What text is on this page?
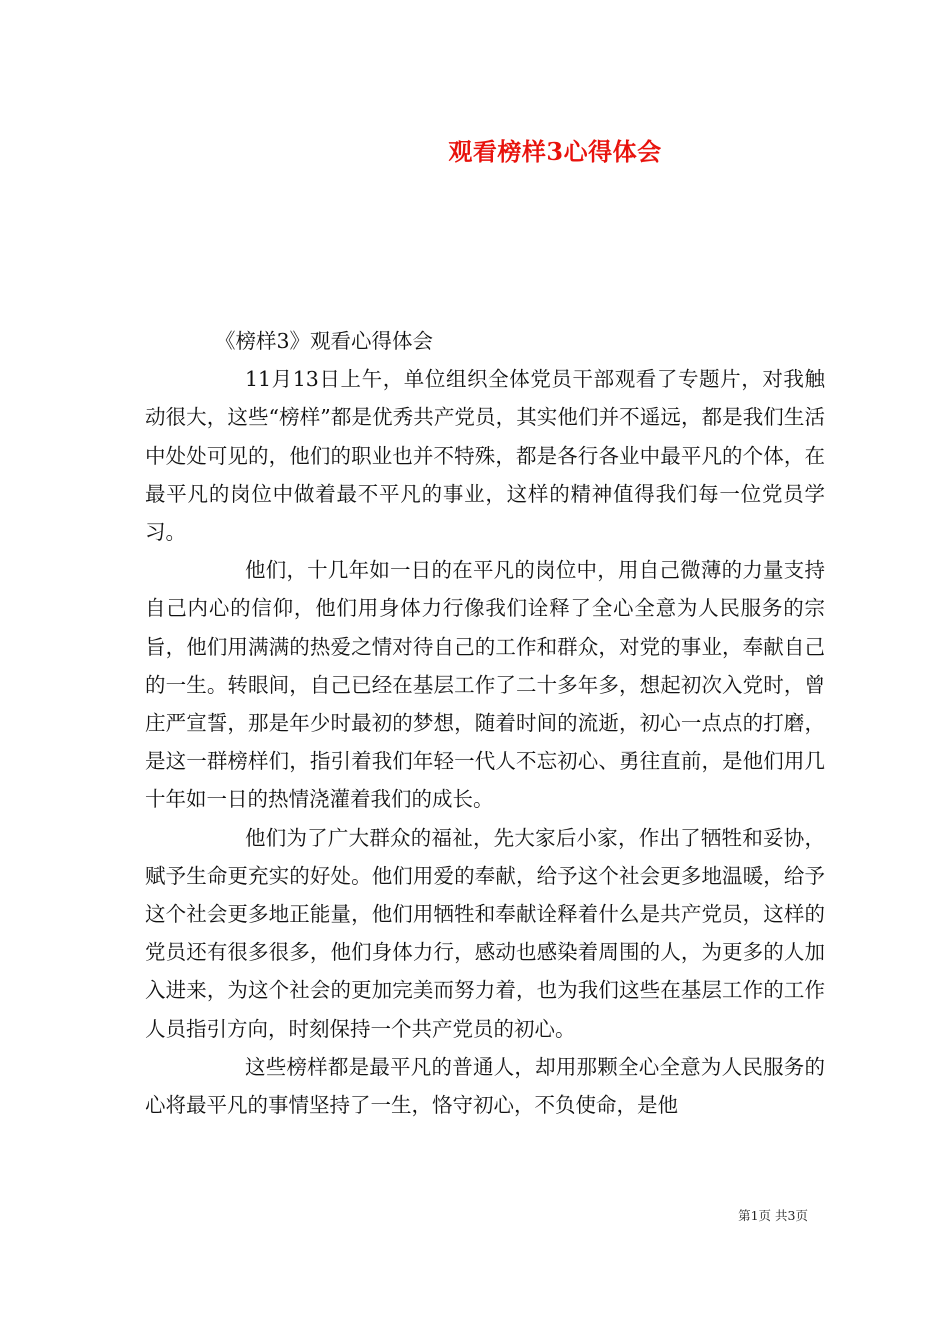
观看榜样3心得体会

《榜样3》观看心得体会

11月13日上午，单位组织全体党员干部观看了专题片，对我触动很大，这些“榜样”都是优秀共产党员，其实他们并不遥远，都是我们生活中处处可见的，他们的职业也并不特殊，都是各行各业中最平凡的个体，在最平凡的岗位中做着最不平凡的事业，这样的精神值得我们每一位党员学习。

他们，十几年如一日的在平凡的岗位中，用自己微薄的力量支持自己内心的信仰，他们用身体力行像我们诠释了全心全意为人民服务的宗旨，他们用满满的热爱之情对待自己的工作和群众，对党的事业，奉献自己的一生。转眼间，自己已经在基层工作了二十多年多，想起初次入党时，曾庄严宣誓，那是年少时最初的梦想，随着时间的流逝，初心一点点的打磨，是这一群榜样们，指引着我们年轻一代人不忘初心、勇往直前，是他们用几十年如一日的热情浇灌着我们的成长。

他们为了广大群众的福祉，先大家后小家，作出了牺牲和妥协，赋予生命更充实的好处。他们用爱的奉献，给予这个社会更多地温暖，给予这个社会更多地正能量，他们用牺牲和奉献诠释着什么是共产党员，这样的党员还有很多很多，他们身体力行，感动也感染着周围的人，为更多的人加入进来，为这个社会的更加完美而努力着，也为我们这些在基层工作的工作人员指引方向，时刻保持一个共产党员的初心。

这些榜样都是最平凡的普通人，却用那颗全心全意为人民服务的心将最平凡的事情坚持了一生，恪守初心，不负使命，是他

第1页 共3页
